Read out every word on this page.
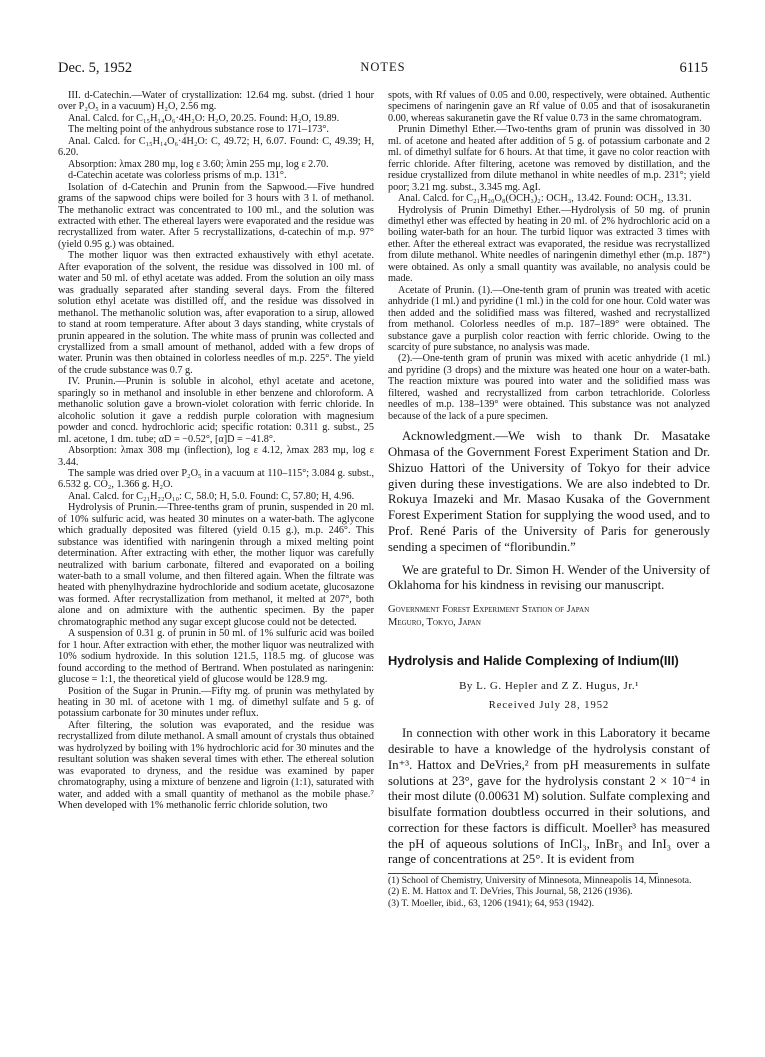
Dec. 5, 1952	NOTES	6115

III. d-Catechin.—Water of crystallization: 12.64 mg. subst. (dried 1 hour over P₂O₅ in a vacuum) H₂O, 2.56 mg.

Anal. Calcd. for C₁₅H₁₄O₆·4H₂O: H₂O, 20.25. Found: H₂O, 19.89.

The melting point of the anhydrous substance rose to 171–173°.

Anal. Calcd. for C₁₅H₁₄O₆·4H₂O: C, 49.72; H, 6.07. Found: C, 49.39; H, 6.20.

Absorption: λmax 280 mμ, log ε 3.60; λmin 255 mμ, log ε 2.70.

d-Catechin acetate was colorless prisms of m.p. 131°.

Isolation of d-Catechin and Prunin from the Sapwood.—Five hundred grams of the sapwood chips were boiled for 3 hours with 3 l. of methanol. The methanolic extract was concentrated to 100 ml., and the solution was extracted with ether. The ethereal layers were evaporated and the residue was recrystallized from water. After 5 recrystallizations, d-catechin of m.p. 97° (yield 0.95 g.) was obtained.

The mother liquor was then extracted exhaustively with ethyl acetate. After evaporation of the solvent, the residue was dissolved in 100 ml. of water and 50 ml. of ethyl acetate was added. From the solution an oily mass was gradually separated after standing several days. From the filtered solution ethyl acetate was distilled off, and the residue was dissolved in methanol. The methanolic solution was, after evaporation to a sirup, allowed to stand at room temperature. After about 3 days standing, white crystals of prunin appeared in the solution. The white mass of prunin was collected and crystallized from a small amount of methanol, added with a few drops of water. Prunin was then obtained in colorless needles of m.p. 225°. The yield of the crude substance was 0.7 g.

IV. Prunin.—Prunin is soluble in alcohol, ethyl acetate and acetone, sparingly so in methanol and insoluble in ether benzene and chloroform. A methanolic solution gave a brown-violet coloration with ferric chloride. In alcoholic solution it gave a reddish purple coloration with magnesium powder and concd. hydrochloric acid; specific rotation: 0.311 g. subst., 25 ml. acetone, 1 dm. tube; αD = −0.52°, [α]D = −41.8°.

Absorption: λmax 308 mμ (inflection), log ε 4.12, λmax 283 mμ, log ε 3.44.

The sample was dried over P₂O₅ in a vacuum at 110–115°; 3.084 g. subst., 6.532 g. CO₂, 1.366 g. H₂O.

Anal. Calcd. for C₂₁H₂₂O₁₀: C, 58.0; H, 5.0. Found: C, 57.80; H, 4.96.

Hydrolysis of Prunin.—Three-tenths gram of prunin, suspended in 20 ml. of 10% sulfuric acid, was heated 30 minutes on a water-bath. The aglycone which gradually deposited was filtered (yield 0.15 g.), m.p. 246°. This substance was identified with naringenin through a mixed melting point determination. After extracting with ether, the mother liquor was carefully neutralized with barium carbonate, filtered and evaporated on a boiling water-bath to a small volume, and then filtered again. When the filtrate was heated with phenylhydrazine hydrochloride and sodium acetate, glucosazone was formed. After recrystallization from methanol, it melted at 207°, both alone and on admixture with the authentic specimen. By the paper chromatographic method any sugar except glucose could not be detected.

A suspension of 0.31 g. of prunin in 50 ml. of 1% sulfuric acid was boiled for 1 hour. After extraction with ether, the mother liquor was neutralized with 10% sodium hydroxide. In this solution 121.5, 118.5 mg. of glucose was found according to the method of Bertrand. When postulated as naringenin: glucose = 1:1, the theoretical yield of glucose would be 128.9 mg.

Position of the Sugar in Prunin.—Fifty mg. of prunin was methylated by heating in 30 ml. of acetone with 1 mg. of dimethyl sulfate and 5 g. of potassium carbonate for 30 minutes under reflux.

After filtering, the solution was evaporated, and the residue was recrystallized from dilute methanol. A small amount of crystals thus obtained was hydrolyzed by boiling with 1% hydrochloric acid for 30 minutes and the resultant solution was shaken several times with ether. The ethereal solution was evaporated to dryness, and the residue was examined by paper chromatography, using a mixture of benzene and ligroin (1:1), saturated with water, and added with a small quantity of methanol as the mobile phase.⁷ When developed with 1% methanolic ferric chloride solution, two

spots, with Rf values of 0.05 and 0.00, respectively, were obtained. Authentic specimens of naringenin gave an Rf value of 0.05 and that of isosakuranetin 0.00, whereas sakuranetin gave the Rf value 0.73 in the same chromatogram.

Prunin Dimethyl Ether.—Two-tenths gram of prunin was dissolved in 30 ml. of acetone and heated after addition of 5 g. of potassium carbonate and 2 ml. of dimethyl sulfate for 6 hours. At that time, it gave no color reaction with ferric chloride. After filtering, acetone was removed by distillation, and the residue crystallized from dilute methanol in white needles of m.p. 231°; yield poor; 3.21 mg. subst., 3.345 mg. AgI.

Anal. Calcd. for C₂₁H₂₀O₈(OCH₃)₂: OCH₃, 13.42. Found: OCH₃, 13.31.

Hydrolysis of Prunin Dimethyl Ether.—Hydrolysis of 50 mg. of prunin dimethyl ether was effected by heating in 20 ml. of 2% hydrochloric acid on a boiling water-bath for an hour. The turbid liquor was extracted 3 times with ether. After the ethereal extract was evaporated, the residue was recrystallized from dilute methanol. White needles of naringenin dimethyl ether (m.p. 187°) were obtained. As only a small quantity was available, no analysis could be made.

Acetate of Prunin. (1).—One-tenth gram of prunin was treated with acetic anhydride (1 ml.) and pyridine (1 ml.) in the cold for one hour. Cold water was then added and the solidified mass was filtered, washed and recrystallized from methanol. Colorless needles of m.p. 187–189° were obtained. The substance gave a purplish color reaction with ferric chloride. Owing to the scarcity of pure substance, no analysis was made.

(2).—One-tenth gram of prunin was mixed with acetic anhydride (1 ml.) and pyridine (3 drops) and the mixture was heated one hour on a water-bath. The reaction mixture was poured into water and the solidified mass was filtered, washed and recrystallized from carbon tetrachloride. Colorless needles of m.p. 138–139° were obtained. This substance was not analyzed because of the lack of a pure specimen.

Acknowledgment.—We wish to thank Dr. Masatake Ohmasa of the Government Forest Experiment Station and Dr. Shizuo Hattori of the University of Tokyo for their advice given during these investigations. We are also indebted to Dr. Rokuya Imazeki and Mr. Masao Kusaka of the Government Forest Experiment Station for supplying the wood used, and to Prof. René Paris of the University of Paris for generously sending a specimen of “floribundin.”

We are grateful to Dr. Simon H. Wender of the University of Oklahoma for his kindness in revising our manuscript.

Government Forest Experiment Station of Japan
Meguro, Tokyo, Japan
Hydrolysis and Halide Complexing of Indium(III)
By L. G. Hepler and Z Z. Hugus, Jr.¹
Received July 28, 1952

In connection with other work in this Laboratory it became desirable to have a knowledge of the hydrolysis constant of In⁺³. Hattox and DeVries,² from pH measurements in sulfate solutions at 23°, gave for the hydrolysis constant 2 × 10⁻⁴ in their most dilute (0.00631 M) solution. Sulfate complexing and bisulfate formation doubtless occurred in their solutions, and correction for these factors is difficult. Moeller³ has measured the pH of aqueous solutions of InCl₃, InBr₃ and InI₃ over a range of concentrations at 25°. It is evident from

(1) School of Chemistry, University of Minnesota, Minneapolis 14, Minnesota.

(2) E. M. Hattox and T. DeVries, This Journal, 58, 2126 (1936).

(3) T. Moeller, ibid., 63, 1206 (1941); 64, 953 (1942).
